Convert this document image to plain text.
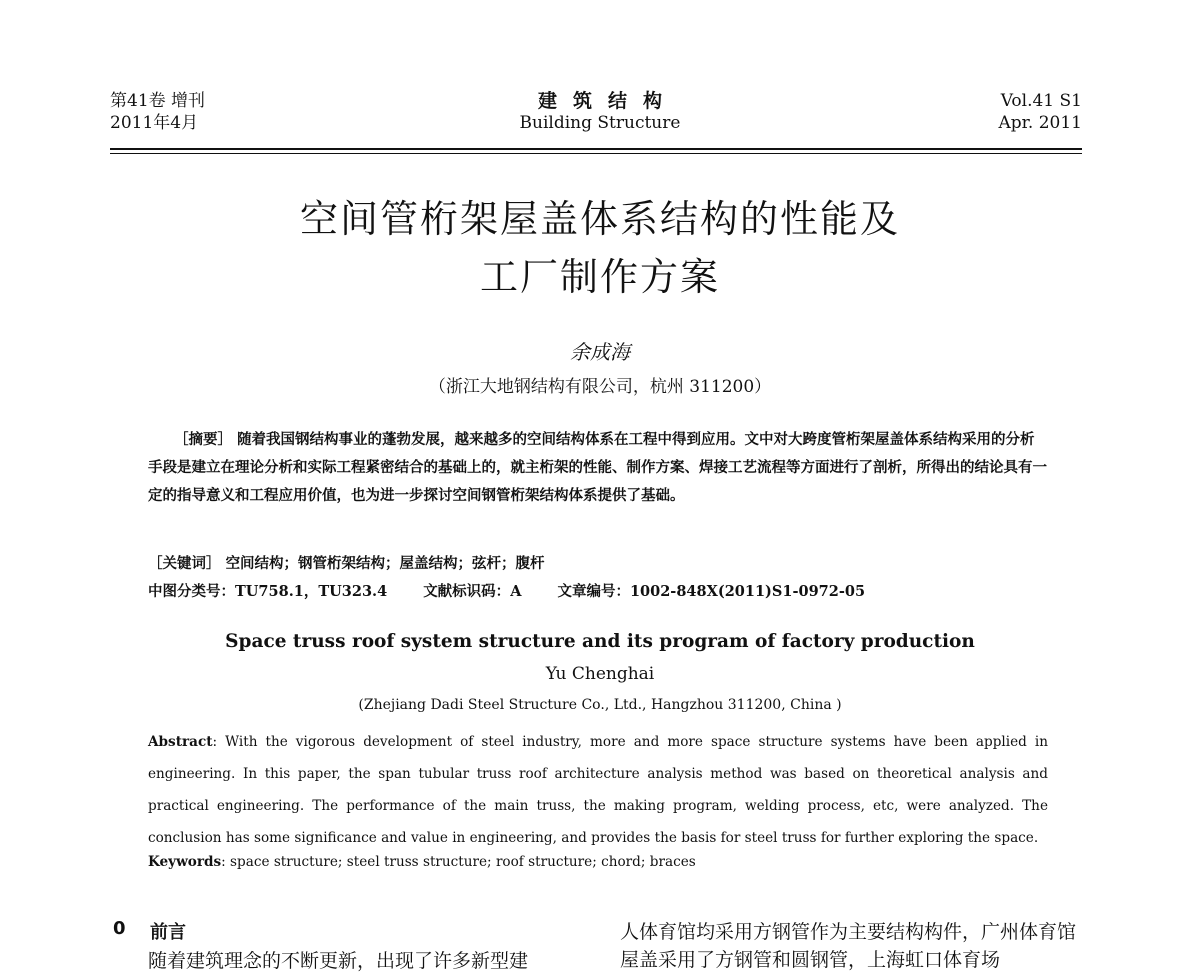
第41卷 增刊
2011年4月
建筑结构
Building Structure
Vol.41 S1
Apr. 2011
空间管桁架屋盖体系结构的性能及
工厂制作方案
余成海
（浙江大地钢结构有限公司，杭州 311200）
［摘要］ 随着我国钢结构事业的蓬勃发展，越来越多的空间结构体系在工程中得到应用。文中对大跨度管桁架屋盖体系结构采用的分析手段是建立在理论分析和实际工程紧密结合的基础上的，就主桁架的性能、制作方案、焊接工艺流程等方面进行了剖析，所得出的结论具有一定的指导意义和工程应用价值，也为进一步探讨空间钢管桁架结构体系提供了基础。
［关键词］ 空间结构；钢管桁架结构；屋盖结构；弦杆；腹杆
中图分类号：TU758.1，TU323.4 文献标识码：A 文章编号：1002-848X(2011)S1-0972-05
Space truss roof system structure and its program of factory production
Yu Chenghai
(Zhejiang Dadi Steel Structure Co., Ltd., Hangzhou 311200, China )
Abstract: With the vigorous development of steel industry, more and more space structure systems have been applied in engineering. In this paper, the span tubular truss roof architecture analysis method was based on theoretical analysis and practical engineering. The performance of the main truss, the making program, welding process, etc, were analyzed. The conclusion has some significance and value in engineering, and provides the basis for steel truss for further exploring the space.
Keywords: space structure; steel truss structure; roof structure; chord; braces
0 前言
随着建筑理念的不断更新，出现了许多新型建
人体育馆均采用方钢管作为主要结构构件，广州体育馆屋盖采用了方钢管和圆钢管，上海虹口体育场
